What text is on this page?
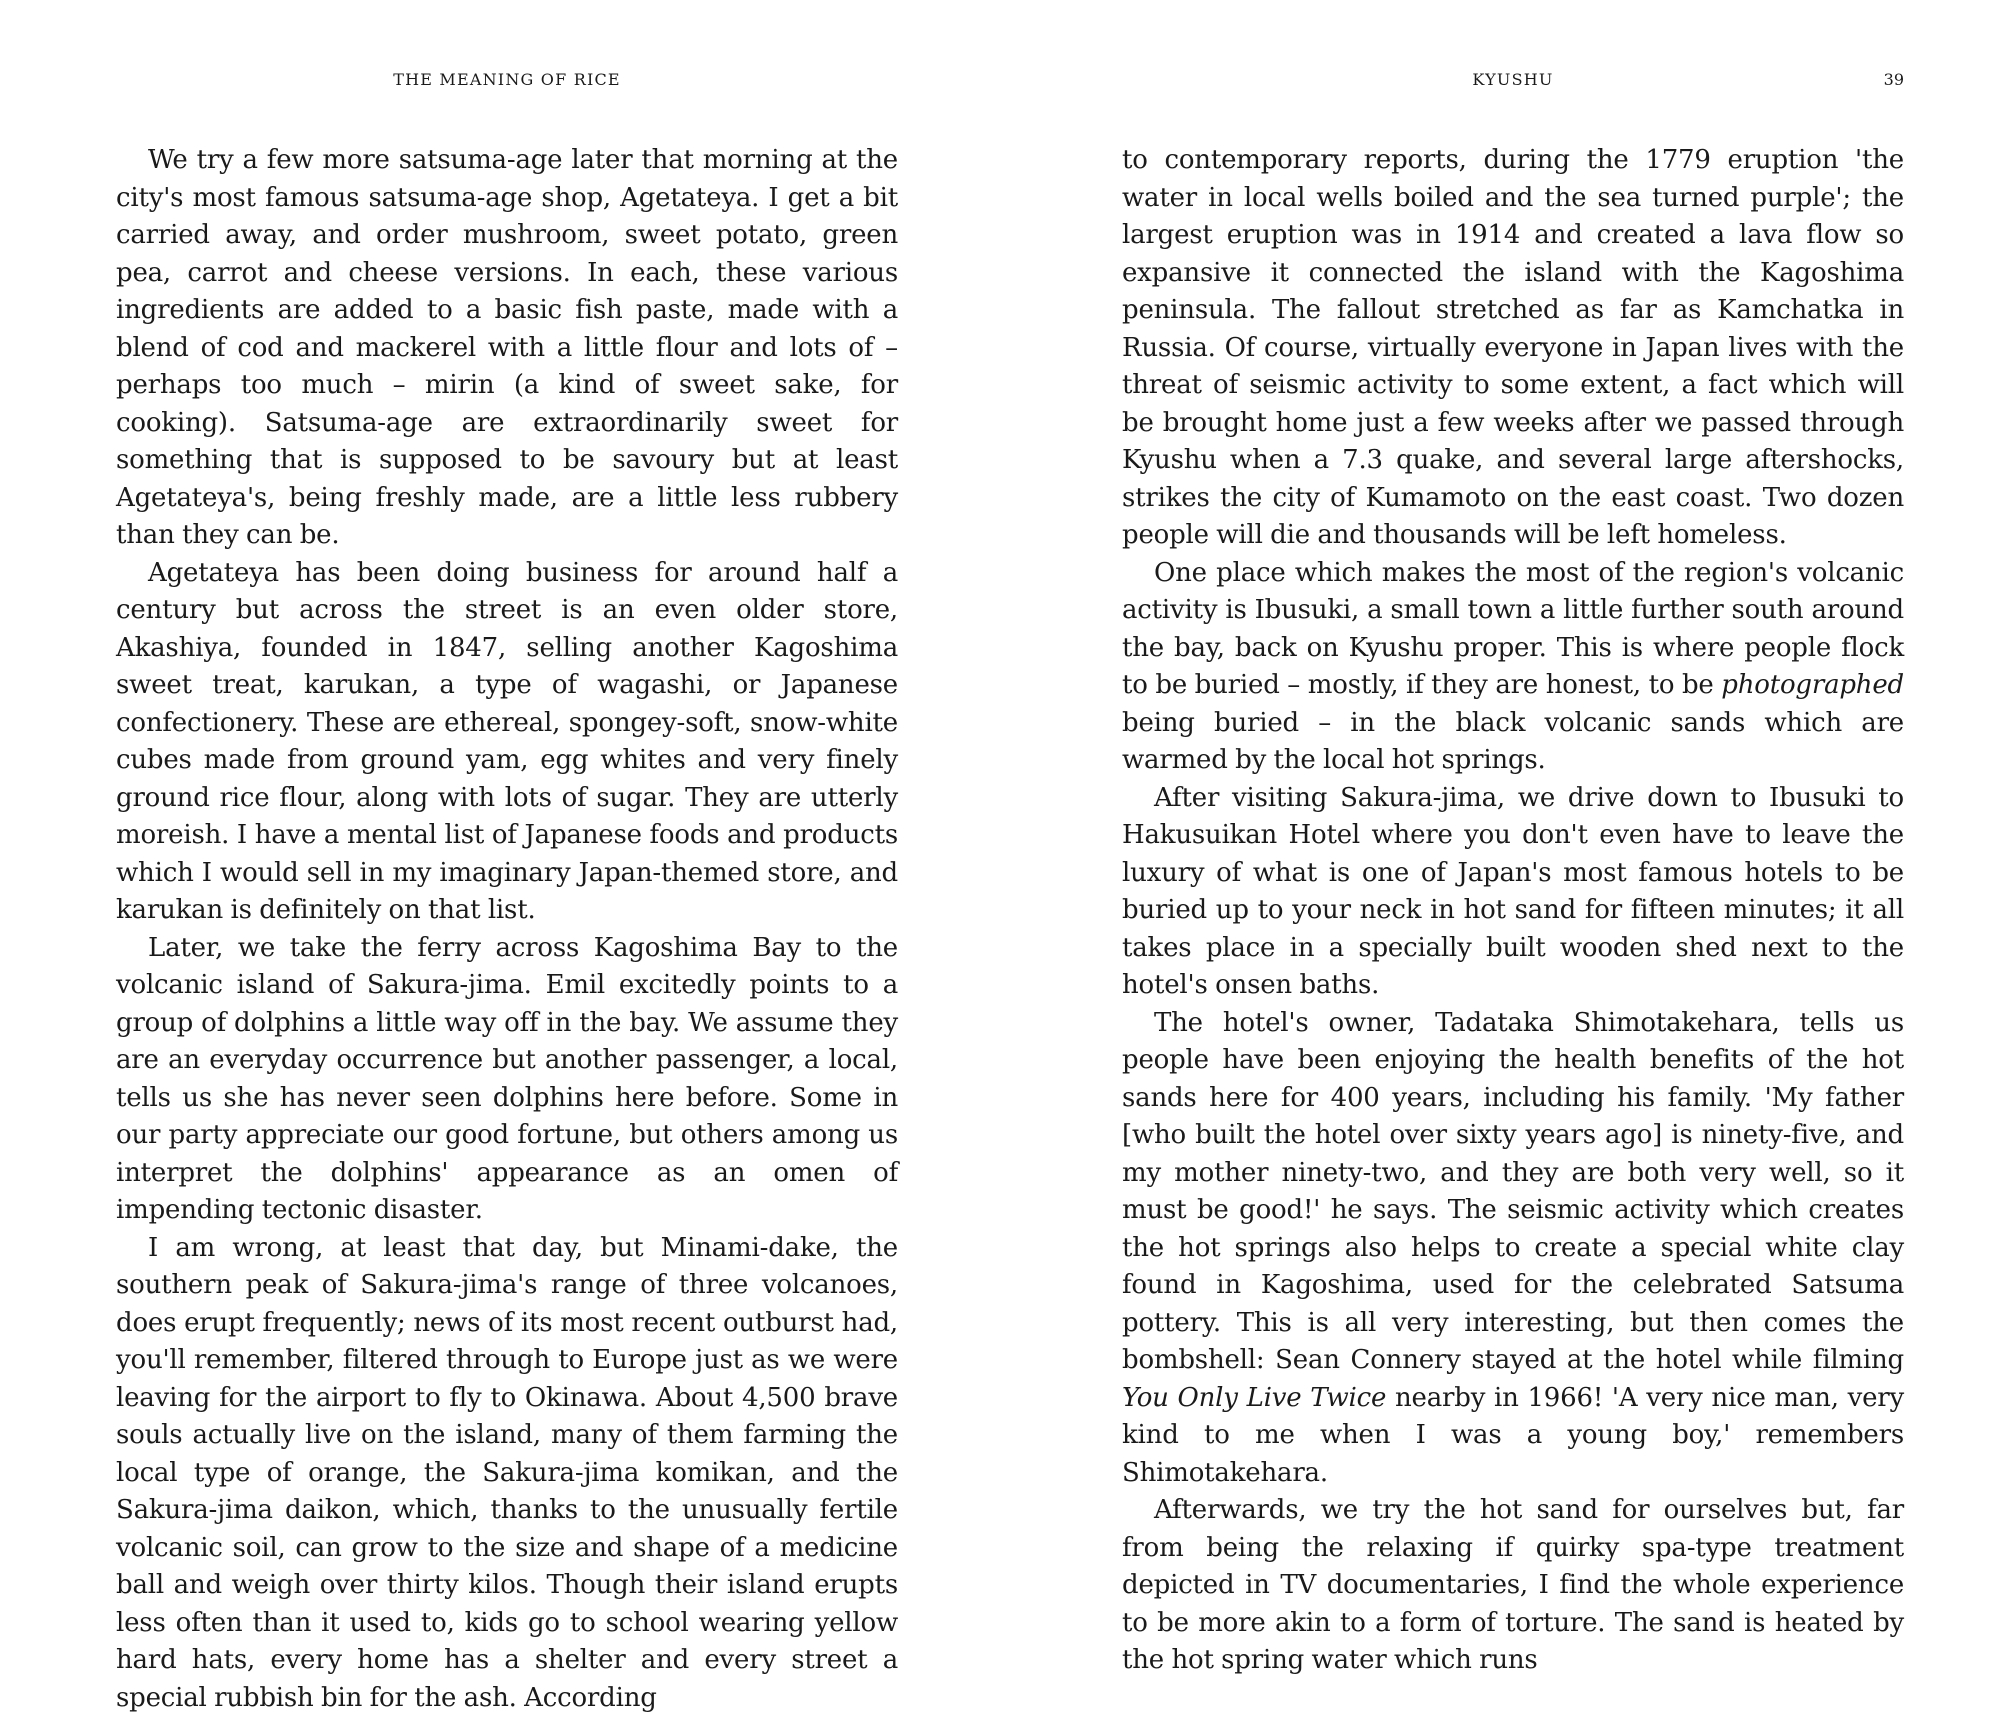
THE MEANING OF RICE

We try a few more satsuma-age later that morning at the city's most famous satsuma-age shop, Agetateya. I get a bit carried away, and order mushroom, sweet potato, green pea, carrot and cheese versions. In each, these various ingredients are added to a basic fish paste, made with a blend of cod and mackerel with a little flour and lots of – perhaps too much – mirin (a kind of sweet sake, for cooking). Satsuma-age are extraordinarily sweet for something that is supposed to be savoury but at least Agetateya's, being freshly made, are a little less rubbery than they can be.

Agetateya has been doing business for around half a century but across the street is an even older store, Akashiya, founded in 1847, selling another Kagoshima sweet treat, karukan, a type of wagashi, or Japanese confectionery. These are ethereal, spongey-soft, snow-white cubes made from ground yam, egg whites and very finely ground rice flour, along with lots of sugar. They are utterly moreish. I have a mental list of Japanese foods and products which I would sell in my imaginary Japan-themed store, and karukan is definitely on that list.

Later, we take the ferry across Kagoshima Bay to the volcanic island of Sakura-jima. Emil excitedly points to a group of dolphins a little way off in the bay. We assume they are an everyday occurrence but another passenger, a local, tells us she has never seen dolphins here before. Some in our party appreciate our good fortune, but others among us interpret the dolphins' appearance as an omen of impending tectonic disaster.

I am wrong, at least that day, but Minami-dake, the southern peak of Sakura-jima's range of three volcanoes, does erupt frequently; news of its most recent outburst had, you'll remember, filtered through to Europe just as we were leaving for the airport to fly to Okinawa. About 4,500 brave souls actually live on the island, many of them farming the local type of orange, the Sakura-jima komikan, and the Sakura-jima daikon, which, thanks to the unusually fertile volcanic soil, can grow to the size and shape of a medicine ball and weigh over thirty kilos. Though their island erupts less often than it used to, kids go to school wearing yellow hard hats, every home has a shelter and every street a special rubbish bin for the ash. According

KYUSHU	39

to contemporary reports, during the 1779 eruption 'the water in local wells boiled and the sea turned purple'; the largest eruption was in 1914 and created a lava flow so expansive it connected the island with the Kagoshima peninsula. The fallout stretched as far as Kamchatka in Russia. Of course, virtually everyone in Japan lives with the threat of seismic activity to some extent, a fact which will be brought home just a few weeks after we passed through Kyushu when a 7.3 quake, and several large aftershocks, strikes the city of Kumamoto on the east coast. Two dozen people will die and thousands will be left homeless.

One place which makes the most of the region's volcanic activity is Ibusuki, a small town a little further south around the bay, back on Kyushu proper. This is where people flock to be buried – mostly, if they are honest, to be photographed being buried – in the black volcanic sands which are warmed by the local hot springs.

After visiting Sakura-jima, we drive down to Ibusuki to Hakusuikan Hotel where you don't even have to leave the luxury of what is one of Japan's most famous hotels to be buried up to your neck in hot sand for fifteen minutes; it all takes place in a specially built wooden shed next to the hotel's onsen baths.

The hotel's owner, Tadataka Shimotakehara, tells us people have been enjoying the health benefits of the hot sands here for 400 years, including his family. 'My father [who built the hotel over sixty years ago] is ninety-five, and my mother ninety-two, and they are both very well, so it must be good!' he says. The seismic activity which creates the hot springs also helps to create a special white clay found in Kagoshima, used for the celebrated Satsuma pottery. This is all very interesting, but then comes the bombshell: Sean Connery stayed at the hotel while filming You Only Live Twice nearby in 1966! 'A very nice man, very kind to me when I was a young boy,' remembers Shimotakehara.

Afterwards, we try the hot sand for ourselves but, far from being the relaxing if quirky spa-type treatment depicted in TV documentaries, I find the whole experience to be more akin to a form of torture. The sand is heated by the hot spring water which runs
